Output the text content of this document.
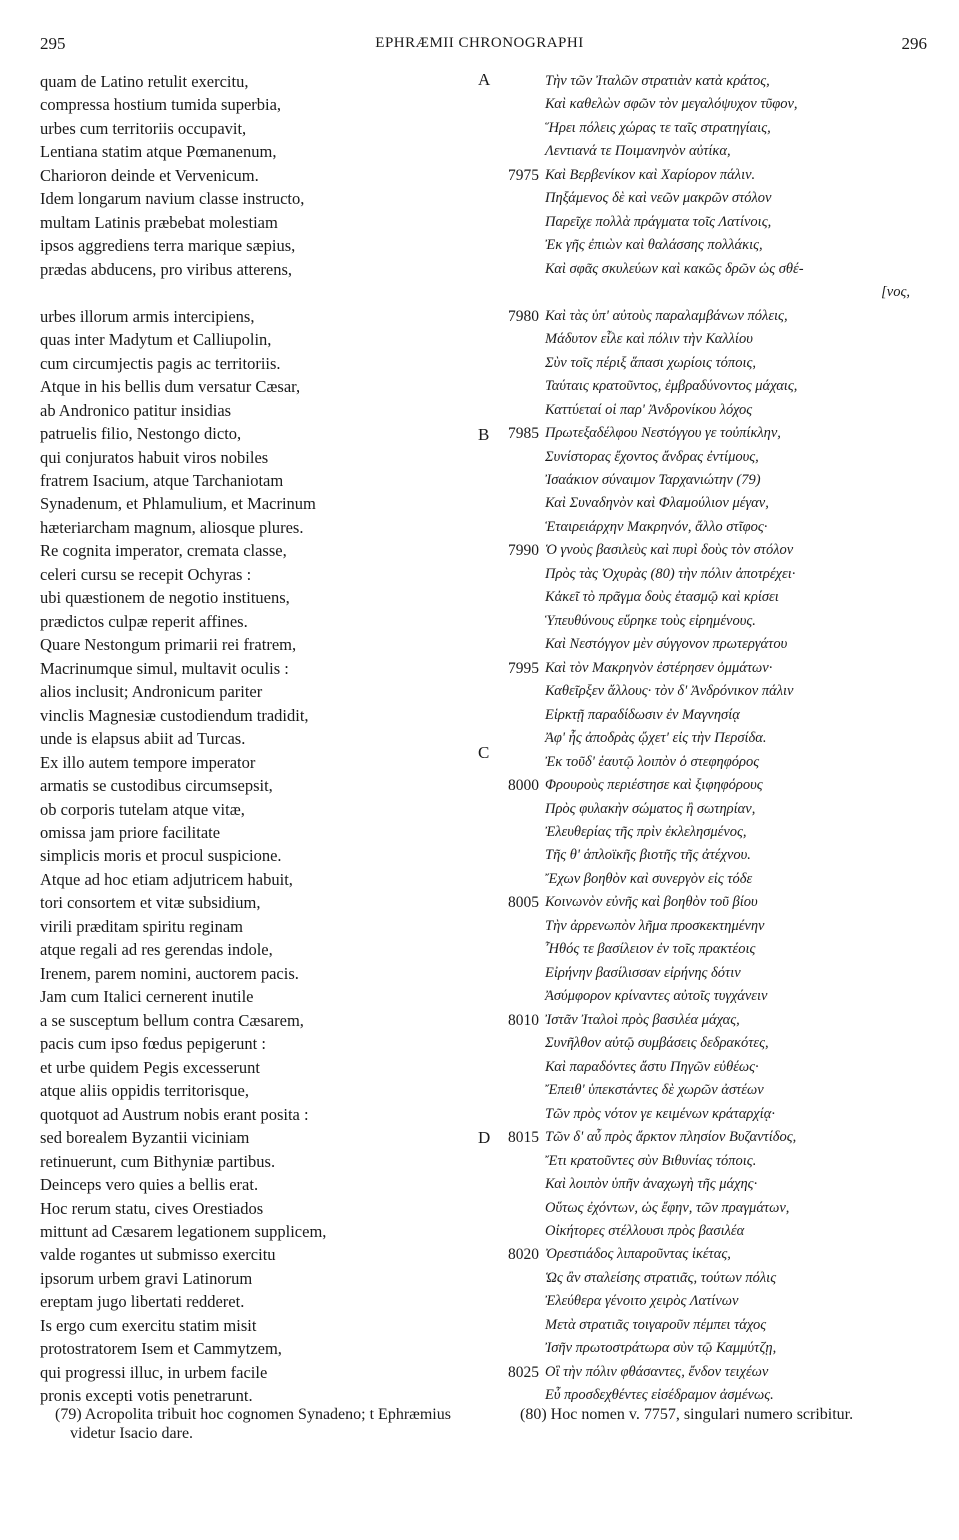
295	EPHRÆMII CHRONOGRAPHI	296
quam de Latino retulit exercitu,
compressa hostium tumida superbia,
urbes cum territoriis occupavit,
Lentiana statim atque Pœmanenum,
Charioron deinde et Vervenicum.
Idem longarum navium classe instructo,
multam Latinis præbebat molestiam
ipsos aggrediens terra marique sæpius,
prædas abducens, pro viribus atterens,
urbes illorum armis intercipiens,
quas inter Madytum et Calliupolin,
cum circumjectis pagis ac territoriis.
Atque in his bellis dum versatur Cæsar,
ab Andronico patitur insidias
patruelis filio, Nestongo dicto,
qui conjuratos habuit viros nobiles
fratrem Isacium, atque Tarchaniotam
Synadenum, et Phlamulium, et Macrinum
hæteriarcham magnum, aliosque plures.
Re cognita imperator, cremata classe,
celeri cursu se recepit Ochyras :
ubi quæstionem de negotio instituens,
prædictos culpæ reperit affines.
Quare Nestongum primarii rei fratrem,
Macrinumque simul, multavit oculis :
alios inclusit; Andronicum pariter
vinclis Magnesiæ custodiendum tradidit,
unde is elapsus abiit ad Turcas.
Ex illo autem tempore imperator
armatis se custodibus circumsepsit,
ob corporis tutelam atque vitæ,
omissa jam priore facilitate
simplicis moris et procul suspicione.
Atque ad hoc etiam adjutricem habuit,
tori consortem et vitæ subsidium,
virili præditam spiritu reginam
atque regali ad res gerendas indole,
Irenem, parem nomini, auctorem pacis.
Jam cum Italici cernerent inutile
a se susceptum bellum contra Cæsarem,
pacis cum ipso fœdus pepigerunt :
et urbe quidem Pegis excesserunt
atque aliis oppidis territorisque,
quotquot ad Austrum nobis erant posita :
sed borealem Byzantii viciniam
retinuerunt, cum Bithyniæ partibus.
Deinceps vero quies a bellis erat.
Hoc rerum statu, cives Orestiados
mittunt ad Cæsarem legationem supplicem,
valde rogantes ut submisso exercitu
ipsorum urbem gravi Latinorum
ereptam jugo libertati redderet.
Is ergo cum exercitu statim misit
protostratorem Isem et Cammytzem,
qui progressi illuc, in urbem facile
pronis excepti votis penetrarunt.
Τὴν τῶν Ἰταλῶν στρατιὰν κατὰ κράτος,
Καὶ καθελὼν σφῶν τὸν μεγαλόψυχον τῦφον,
Ἥρει πόλεις χώρας τε ταῖς στρατηγίαις,
Λεντιανά τε Ποιμανηνὸν αὐτίκα,
7975 Καὶ Βερβενίκον καὶ Χαρίορον πάλιν.
Πηξάμενος δὲ καὶ νεῶν μακρῶν στόλον
Παρεῖχε πολλὰ πράγματα τοῖς Λατίνοις,
Ἐκ γῆς ἐπιὼν καὶ θαλάσσης πολλάκις,
Καὶ σφᾶς σκυλεύων καὶ κακῶς δρῶν ὡς σθέ-
[νος,
7980 Καὶ τὰς ὑπ' αὐτοὺς παραλαμβάνων πόλεις,
Μάδυτον εἷλε καὶ πόλιν τὴν Καλλίου
Σὺν τοῖς πέριξ ἅπασι χωρίοις τόποις,
Ταύταις κρατοῦντος, ἐμβραδύνοντος μάχαις,
Καττύεταί οἱ παρ' Ἀνδρονίκου λόχος
7985 Πρωτεξαδέλφου Νεστόγγου γε τοὐπίκλην,
Συνίστορας ἔχοντος ἄνδρας ἐντίμους,
Ἰσαάκιον σύναιμον Ταρχανιώτην (79)
Καὶ Συναδηνὸν καὶ Φλαμούλιον μέγαν,
Ἑταιρειάρχην Μακρηνόν, ἄλλο στῖφος·
7990 Ὁ γνοὺς βασιλεὺς καὶ πυρὶ δοὺς τὸν στόλον
Πρὸς τὰς Ὀχυρὰς (80) τὴν πόλιν ἀποτρέχει·
Κἀκεῖ τὸ πρᾶγμα δοὺς ἐτασμῷ καὶ κρίσει
Ὑπευθύνους εὕρηκε τοὺς εἰρημένους.
Καὶ Νεστόγγον μὲν σύγγονον πρωτεργάτου
7995 Καὶ τὸν Μακρηνὸν ἐστέρησεν ὀμμάτων·
Καθεῖρξεν ἄλλους· τὸν δ' Ἀνδρόνικον πάλιν
Εἱρκτῇ παραδίδωσιν ἐν Μαγνησίᾳ
Ἀφ' ἧς ἀποδρὰς ᾤχετ' εἰς τὴν Περσίδα.
Ἐκ τοῦδ' ἑαυτῷ λοιπὸν ὁ στεφηφόρος
8000 Φρουροὺς περιέστησε καὶ ξιφηφόρους
Πρὸς φυλακὴν σώματος ἢ σωτηρίαν,
Ἐλευθερίας τῆς πρὶν ἐκλελησμένος,
Τῆς θ' ἁπλοϊκῆς βιοτῆς τῆς ἀτέχνου.
Ἔχων βοηθὸν καὶ συνεργὸν εἰς τόδε
8005 Κοινωνὸν εὐνῆς καὶ βοηθὸν τοῦ βίου
Τὴν ἀρρενωπὸν λῆμα προσκεκτημένην
Ἦθός τε βασίλειον ἐν τοῖς πρακτέοις
Εἰρήνην βασίλισσαν εἰρήνης δότιν
Ἀσύμφορον κρίναντες αὐτοῖς τυγχάνειν
8010 Ἰστᾶν Ἰταλοὶ πρὸς βασιλέα μάχας,
Συνῆλθον αὐτῷ συμβάσεις δεδρακότες,
Καὶ παραδόντες ἄστυ Πηγῶν εὐθέως·
Ἔπειθ' ὑπεκστάντες δὲ χωρῶν ἀστέων
Τῶν πρὸς νότον γε κειμένων κράταρχίᾳ·
8015 Τῶν δ' αὖ πρὸς ἄρκτον πλησίον Βυζαντίδος,
Ἔτι κρατοῦντες σὺν Βιθυνίας τόποις.
Καὶ λοιπὸν ὑπῆν ἀναχωγὴ τῆς μάχης·
Οὕτως ἐχόντων, ὡς ἔφην, τῶν πραγμάτων,
Οἰκήτορες στέλλουσι πρὸς βασιλέα
8020 Ὀρεστιάδος λιπαροῦντας ἱκέτας,
Ὡς ἂν σταλείσης στρατιᾶς, τούτων πόλις
Ἐλεύθερα γένοιτο χειρὸς Λατίνων
Μετὰ στρατιᾶς τοιγαροῦν πέμπει τάχος
Ἰσῆν πρωτοστράτωρα σὺν τῷ Καμμύτζῃ,
8025 Οἳ τὴν πόλιν φθάσαντες, ἔνδον τειχέων
Εὖ προσδεχθέντες εἰσέδραμον ἀσμένως.
A
B
C
D
(79) Acropolita tribuit hoc cognomen Synadeno; t Ephræmius videtur Isacio dare.
(80) Hoc nomen v. 7757, singulari numero scribitur.
